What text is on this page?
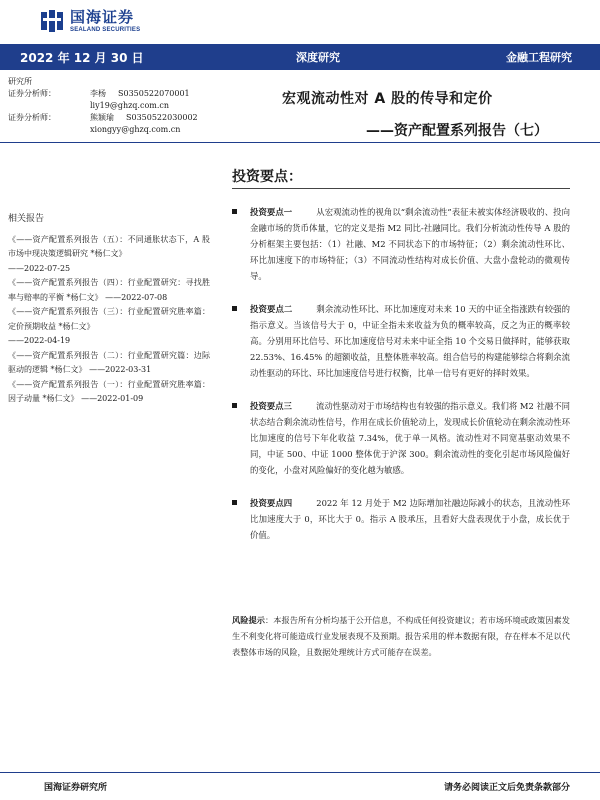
国海证券
SEALAND SECURITIES
2022 年 12 月 30 日	深度研究	金融工程研究
研究所
证券分析师：	李杨 S0350522070001
liy19@ghzq.com.cn
证券分析师：	熊颖瑜 S0350522030002
xiongyy@ghzq.com.cn
宏观流动性对 A 股的传导和定价
——资产配置系列报告（七）
相关报告
《——资产配置系列报告（五）：不同通胀状态下，A 股市场中现决策逻辑研究 *杨仁文》
——2022-07-25
《——资产配置系列报告（四）：行业配置研究：寻找胜率与赔率的平衡 *杨仁文》 ——2022-07-08
《——资产配置系列报告（三）：行业配置研究胜率篇：定价预期收益 *杨仁文》
——2022-04-19
《——资产配置系列报告（二）：行业配置研究篇：边际驱动的逻辑 *杨仁文》 ——2022-03-31
《——资产配置系列报告（一）：行业配置研究胜率篇：因子动量 *杨仁文》 ——2022-01-09
投资要点：
投资要点一	从宏观流动性的视角以“剩余流动性”表征未被实体经济吸收的、投向金融市场的货币体量，它的定义是指 M2 同比-社融同比。我们分析流动性传导 A 股的分析框架主要包括：（1）社融、M2 不同状态下的市场特征；（2）剩余流动性环比、环比加速度下的市场特征；（3）不同流动性结构对成长价值、大盘小盘轮动的微观传导。
投资要点二	剩余流动性环比、环比加速度对未来 10 天的中证全指涨跌有较强的指示意义。当该信号大于 0，中证全指未来收益为负的概率较高，反之为正的概率较高。分别用环比信号、环比加速度信号对未来中证全指 10 个交易日做择时，能够获取 22.53%、16.45% 的超额收益，且整体胜率较高。组合信号的构建能够综合将剩余流动性驱动的环比、环比加速度信号进行权衡，比单一信号有更好的择时效果。
投资要点三	流动性驱动对于市场结构也有较强的指示意义。我们将 M2 社融不同状态结合剩余流动性信号，作用在成长价值轮动上，发现成长价值轮动在剩余流动性环比加速度的信号下年化收益 7.34%，优于单一风格。流动性对不同宽基驱动效果不同，中证 500、中证 1000 整体优于沪深 300。剩余流动性的变化引起市场风险偏好的变化，小盘对风险偏好的变化越为敏感。
投资要点四	2022 年 12 月处于 M2 边际增加社融边际减小的状态，且流动性环比加速度大于 0，环比大于 0。指示 A 股承压，且看好大盘表现优于小盘，成长优于价值。
风险提示：本报告所有分析均基于公开信息，不构成任何投资建议；若市场环境或政策因素发生不利变化将可能造成行业发展表现不及预期。报告采用的样本数据有限，存在样本不足以代表整体市场的风险，且数据处理统计方式可能存在误差。
国海证券研究所	请务必阅读正文后免责条款部分
